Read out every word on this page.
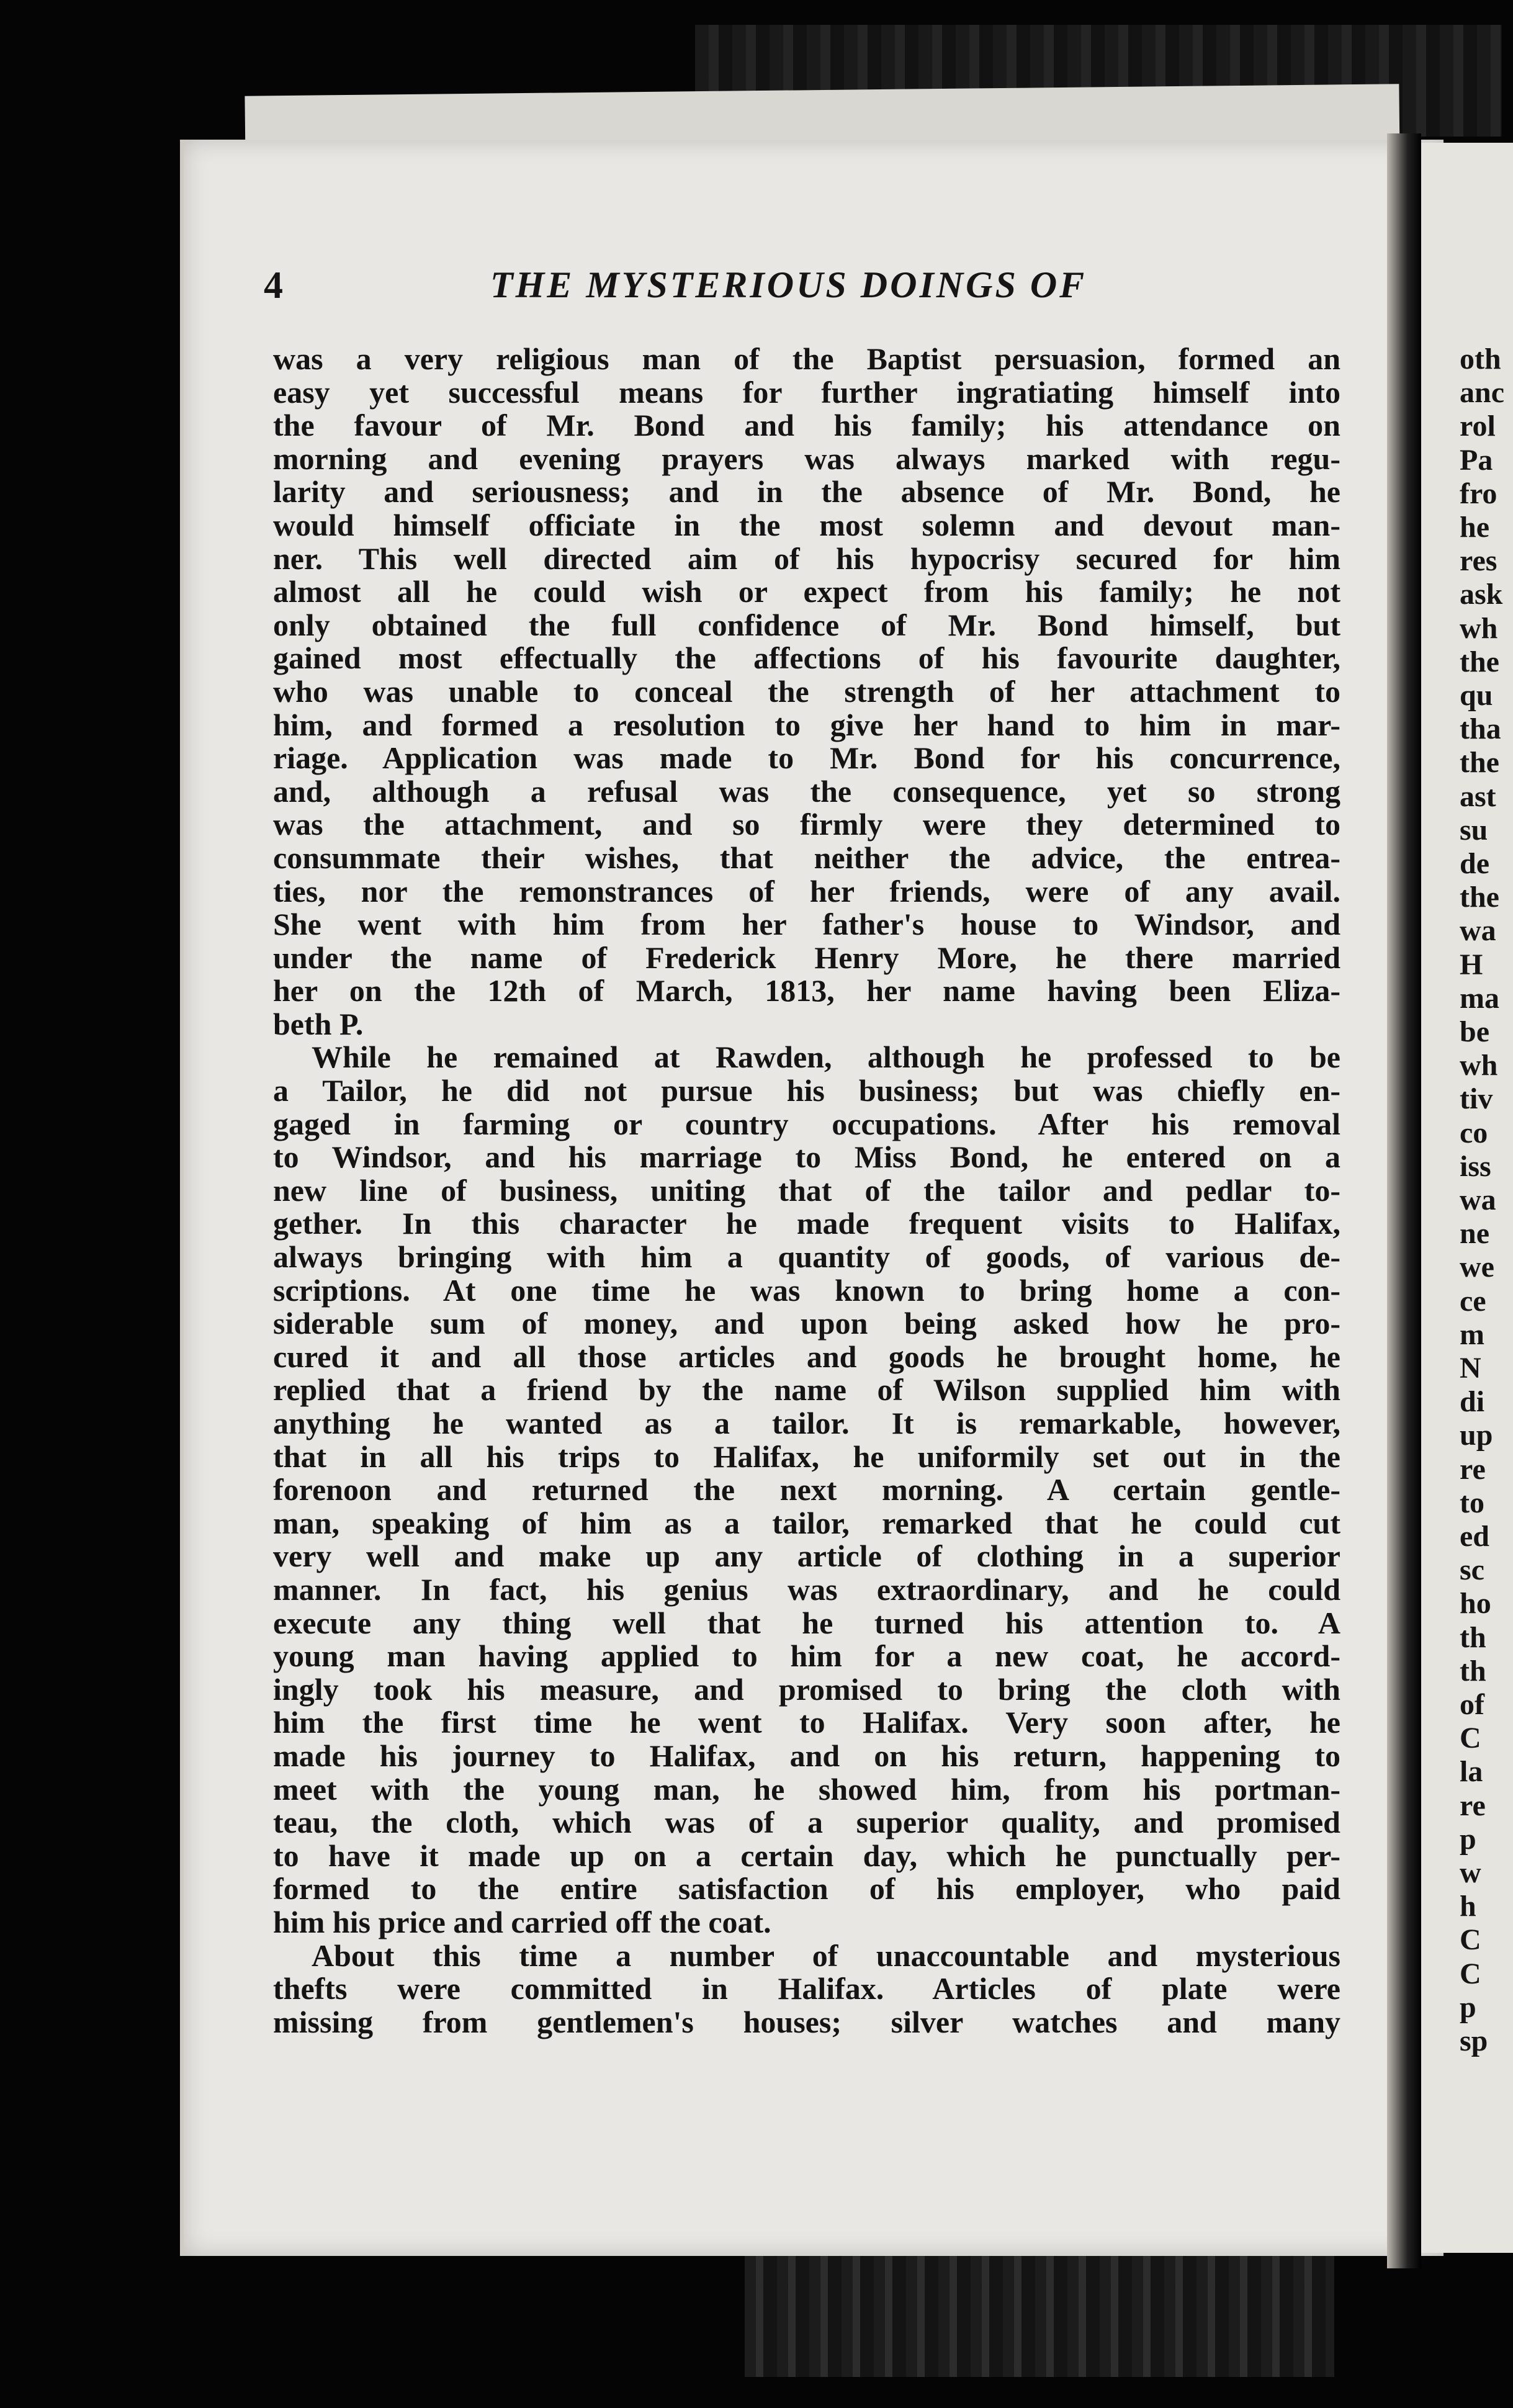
4	THE MYSTERIOUS DOINGS OF
was a very religious man of the Baptist persuasion, formed an
easy yet successful means for further ingratiating himself into
the favour of Mr. Bond and his family; his attendance on
morning and evening prayers was always marked with regu-
larity and seriousness; and in the absence of Mr. Bond, he
would himself officiate in the most solemn and devout man-
ner. This well directed aim of his hypocrisy secured for him
almost all he could wish or expect from his family; he not
only obtained the full confidence of Mr. Bond himself, but
gained most effectually the affections of his favourite daughter,
who was unable to conceal the strength of her attachment to
him, and formed a resolution to give her hand to him in mar-
riage. Application was made to Mr. Bond for his concurrence,
and, although a refusal was the consequence, yet so strong
was the attachment, and so firmly were they determined to
consummate their wishes, that neither the advice, the entrea-
ties, nor the remonstrances of her friends, were of any avail.
She went with him from her father's house to Windsor, and
under the name of Frederick Henry More, he there married
her on the 12th of March, 1813, her name having been Eliza-
beth P.
While he remained at Rawden, although he professed to be
a Tailor, he did not pursue his business; but was chiefly en-
gaged in farming or country occupations. After his removal
to Windsor, and his marriage to Miss Bond, he entered on a
new line of business, uniting that of the tailor and pedlar to-
gether. In this character he made frequent visits to Halifax,
always bringing with him a quantity of goods, of various de-
scriptions. At one time he was known to bring home a con-
siderable sum of money, and upon being asked how he pro-
cured it and all those articles and goods he brought home, he
replied that a friend by the name of Wilson supplied him with
anything he wanted as a tailor. It is remarkable, however,
that in all his trips to Halifax, he uniformily set out in the
forenoon and returned the next morning. A certain gentle-
man, speaking of him as a tailor, remarked that he could cut
very well and make up any article of clothing in a superior
manner. In fact, his genius was extraordinary, and he could
execute any thing well that he turned his attention to. A
young man having applied to him for a new coat, he accord-
ingly took his measure, and promised to bring the cloth with
him the first time he went to Halifax. Very soon after, he
made his journey to Halifax, and on his return, happening to
meet with the young man, he showed him, from his portman-
teau, the cloth, which was of a superior quality, and promised
to have it made up on a certain day, which he punctually per-
formed to the entire satisfaction of his employer, who paid
him his price and carried off the coat.
About this time a number of unaccountable and mysterious
thefts were committed in Halifax. Articles of plate were
missing from gentlemen's houses; silver watches and many
oth
anc
rol
Pa
fro
he
res
ask
wh
the
qu
tha
the
ast
su
de
the
wa
H
ma
be
wh
tiv
co
iss
wa
ne
we
ce
m
N
di
up
re
to
ed
sc
ho
th
th
of
C
la
re
p
w
h
C
C
p
sp
